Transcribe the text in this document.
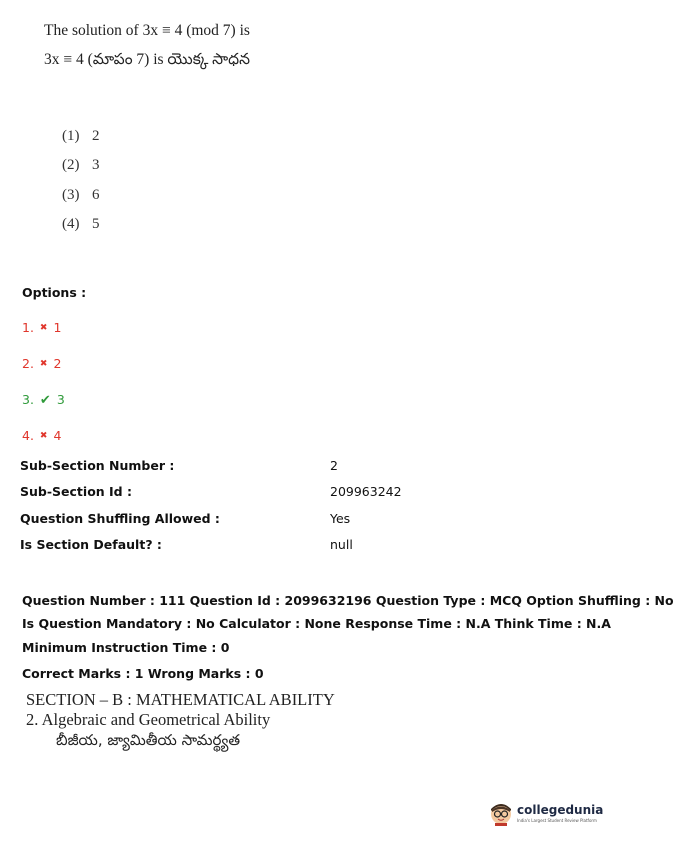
The solution of 3x ≡ 4 (mod 7) is
3x ≡ 4 (మాపం 7) is యొక్క సాధన
(1) 2
(2) 3
(3) 6
(4) 5
Options :
1. ✖ 1
2. ✖ 2
3. ✔ 3
4. ✖ 4
Sub-Section Number :	2
Sub-Section Id :	209963242
Question Shuffling Allowed :	Yes
Is Section Default? :	null
Question Number : 111 Question Id : 2099632196 Question Type : MCQ Option Shuffling : No
Is Question Mandatory : No Calculator : None Response Time : N.A Think Time : N.A
Minimum Instruction Time : 0
Correct Marks : 1 Wrong Marks : 0
SECTION – B : MATHEMATICAL ABILITY
2. Algebraic and Geometrical Ability
బీజీయ, జ్యామితీయ సామర్థ్యత
collegedunia
India's Largest Student Review Platform
